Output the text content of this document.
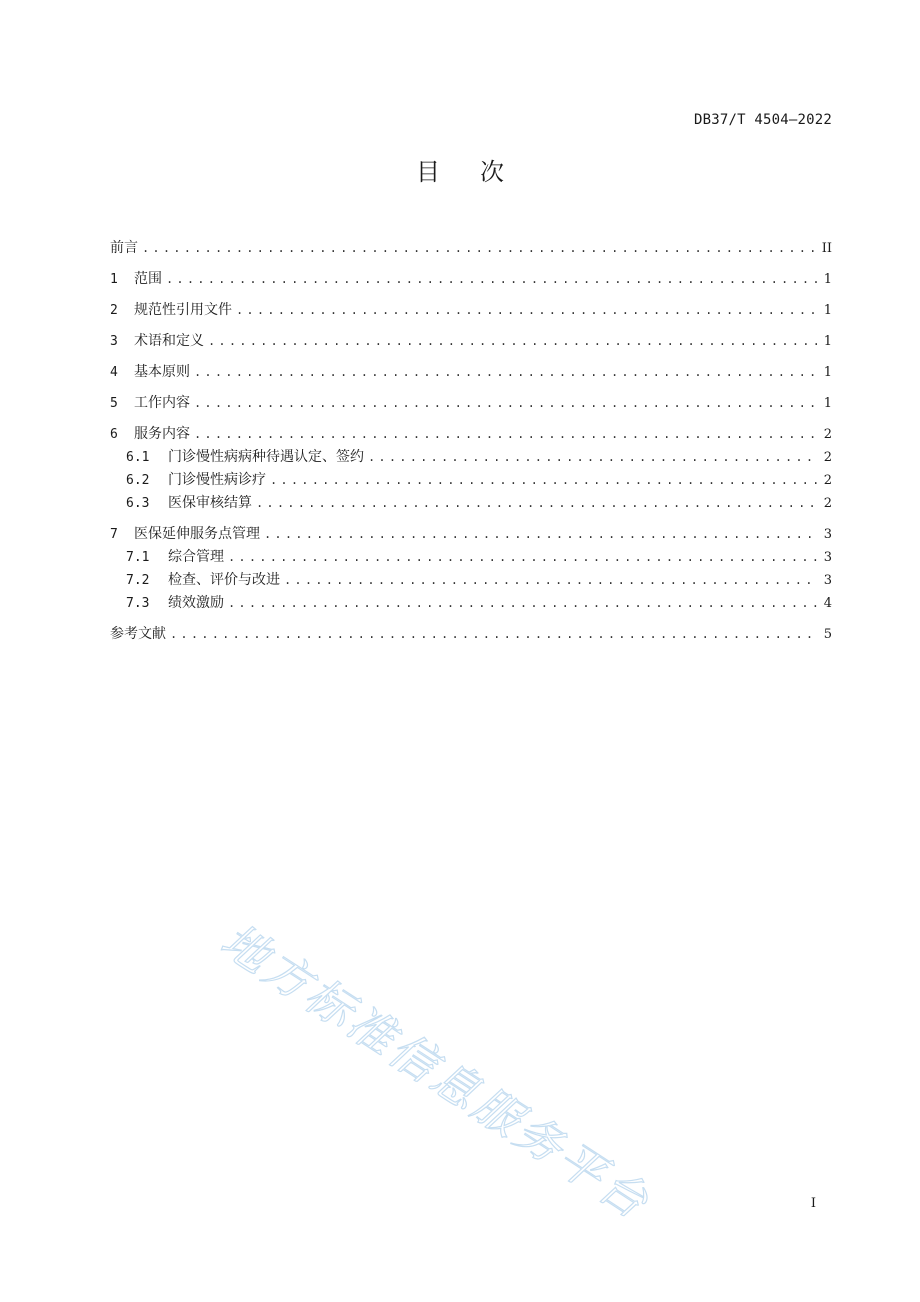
DB37/T 4504—2022
目次
前言 .....	II
1	范围 .....	1
2	规范性引用文件 .....	1
3	术语和定义 .....	1
4	基本原则 .....	1
5	工作内容 .....	1
6	服务内容 .....	2
6.1	门诊慢性病病种待遇认定、签约 .....	2
6.2	门诊慢性病诊疗 .....	2
6.3	医保审核结算 .....	2
7	医保延伸服务点管理 .....	3
7.1	综合管理 .....	3
7.2	检查、评价与改进 .....	3
7.3	绩效激励 .....	4
参考文献 .....	5
地方标准信息服务平台	I
